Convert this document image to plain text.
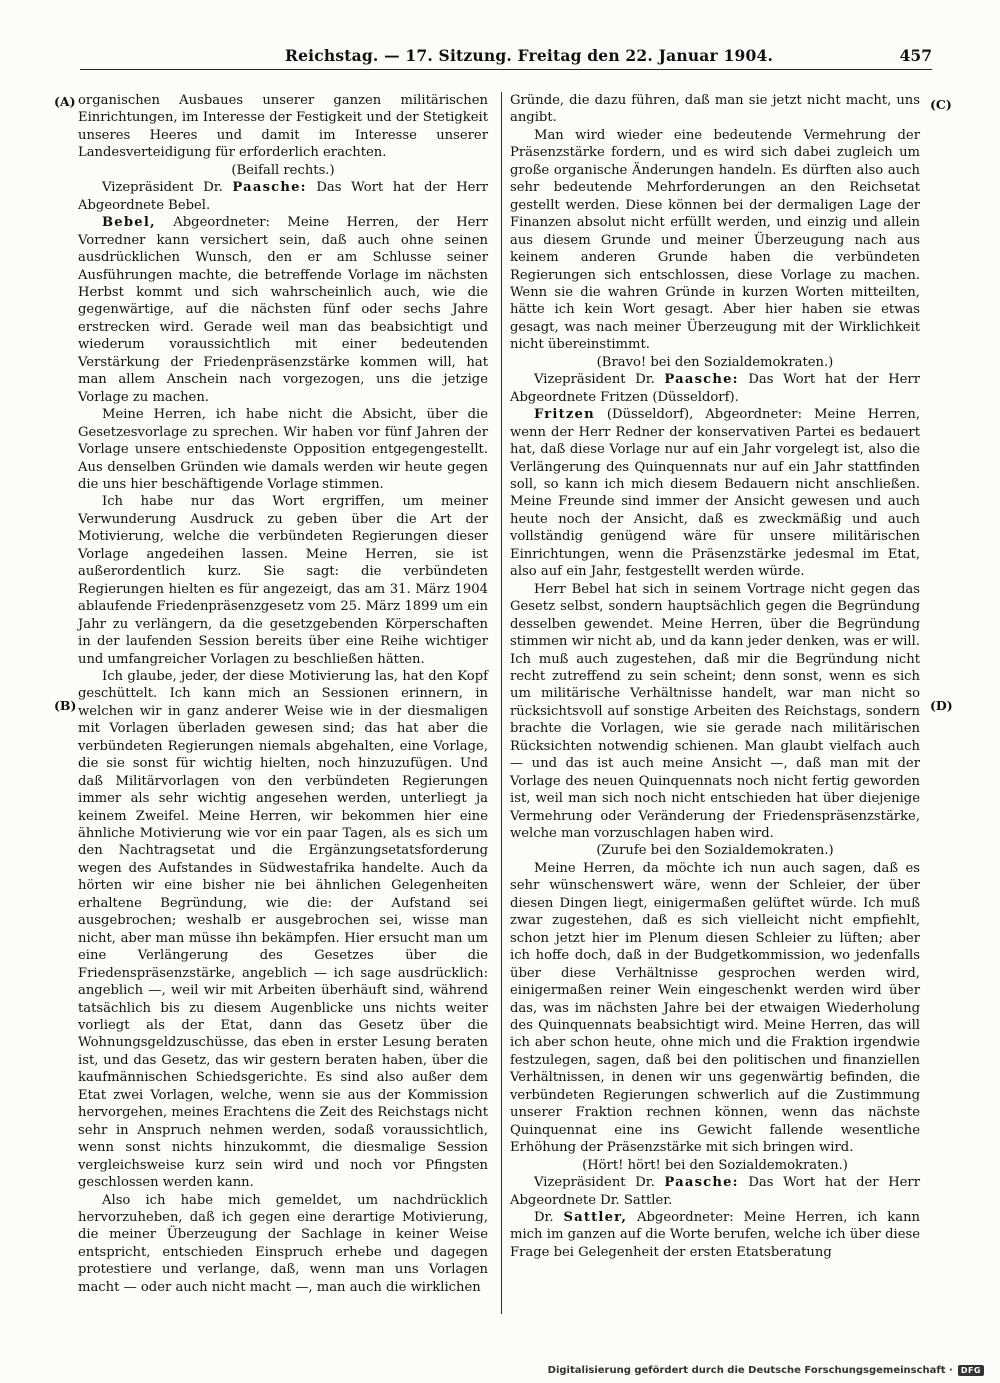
Reichstag. — 17. Sitzung. Freitag den 22. Januar 1904.	457
(A)
(B)
(C)
(D)

organischen Ausbaues unserer ganzen militärischen Einrichtungen, im Interesse der Festigkeit und der Stetigkeit unseres Heeres und damit im Interesse unserer Landesverteidigung für erforderlich erachten.

(Beifall rechts.)

Vizepräsident Dr. Paasche: Das Wort hat der Herr Abgeordnete Bebel.

Bebel, Abgeordneter: Meine Herren, der Herr Vorredner kann versichert sein, daß auch ohne seinen ausdrücklichen Wunsch, den er am Schlusse seiner Ausführungen machte, die betreffende Vorlage im nächsten Herbst kommt und sich wahrscheinlich auch, wie die gegenwärtige, auf die nächsten fünf oder sechs Jahre erstrecken wird. Gerade weil man das beabsichtigt und wiederum voraussichtlich mit einer bedeutenden Verstärkung der Friedenpräsenzstärke kommen will, hat man allem Anschein nach vorgezogen, uns die jetzige Vorlage zu machen.

Meine Herren, ich habe nicht die Absicht, über die Gesetzesvorlage zu sprechen. Wir haben vor fünf Jahren der Vorlage unsere entschiedenste Opposition entgegengestellt. Aus denselben Gründen wie damals werden wir heute gegen die uns hier beschäftigende Vorlage stimmen.

Ich habe nur das Wort ergriffen, um meiner Verwunderung Ausdruck zu geben über die Art der Motivierung, welche die verbündeten Regierungen dieser Vorlage angedeihen lassen. Meine Herren, sie ist außerordentlich kurz. Sie sagt: die verbündeten Regierungen hielten es für angezeigt, das am 31. März 1904 ablaufende Friedenpräsenzgesetz vom 25. März 1899 um ein Jahr zu verlängern, da die gesetzgebenden Körperschaften in der laufenden Session bereits über eine Reihe wichtiger und umfangreicher Vorlagen zu beschließen hätten.

Ich glaube, jeder, der diese Motivierung las, hat den Kopf geschüttelt. Ich kann mich an Sessionen erinnern, in welchen wir in ganz anderer Weise wie in der diesmaligen mit Vorlagen überladen gewesen sind; das hat aber die verbündeten Regierungen niemals abgehalten, eine Vorlage, die sie sonst für wichtig hielten, noch hinzuzufügen. Und daß Militärvorlagen von den verbündeten Regierungen immer als sehr wichtig angesehen werden, unterliegt ja keinem Zweifel. Meine Herren, wir bekommen hier eine ähnliche Motivierung wie vor ein paar Tagen, als es sich um den Nachtragsetat und die Ergänzungsetatsforderung wegen des Aufstandes in Südwestafrika handelte. Auch da hörten wir eine bisher nie bei ähnlichen Gelegenheiten erhaltene Begründung, wie die: der Aufstand sei ausgebrochen; weshalb er ausgebrochen sei, wisse man nicht, aber man müsse ihn bekämpfen. Hier ersucht man um eine Verlängerung des Gesetzes über die Friedenspräsenzstärke, angeblich — ich sage ausdrücklich: angeblich —, weil wir mit Arbeiten überhäuft sind, während tatsächlich bis zu diesem Augenblicke uns nichts weiter vorliegt als der Etat, dann das Gesetz über die Wohnungsgeldzuschüsse, das eben in erster Lesung beraten ist, und das Gesetz, das wir gestern beraten haben, über die kaufmännischen Schiedsgerichte. Es sind also außer dem Etat zwei Vorlagen, welche, wenn sie aus der Kommission hervorgehen, meines Erachtens die Zeit des Reichstags nicht sehr in Anspruch nehmen werden, sodaß voraussichtlich, wenn sonst nichts hinzukommt, die diesmalige Session vergleichsweise kurz sein wird und noch vor Pfingsten geschlossen werden kann.

Also ich habe mich gemeldet, um nachdrücklich hervorzuheben, daß ich gegen eine derartige Motivierung, die meiner Überzeugung der Sachlage in keiner Weise entspricht, entschieden Einspruch erhebe und dagegen protestiere und verlange, daß, wenn man uns Vorlagen macht — oder auch nicht macht —, man auch die wirklichen

Gründe, die dazu führen, daß man sie jetzt nicht macht, uns angibt.

Man wird wieder eine bedeutende Vermehrung der Präsenzstärke fordern, und es wird sich dabei zugleich um große organische Änderungen handeln. Es dürften also auch sehr bedeutende Mehrforderungen an den Reichsetat gestellt werden. Diese können bei der dermaligen Lage der Finanzen absolut nicht erfüllt werden, und einzig und allein aus diesem Grunde und meiner Überzeugung nach aus keinem anderen Grunde haben die verbündeten Regierungen sich entschlossen, diese Vorlage zu machen. Wenn sie die wahren Gründe in kurzen Worten mitteilten, hätte ich kein Wort gesagt. Aber hier haben sie etwas gesagt, was nach meiner Überzeugung mit der Wirklichkeit nicht übereinstimmt.

(Bravo! bei den Sozialdemokraten.)

Vizepräsident Dr. Paasche: Das Wort hat der Herr Abgeordnete Fritzen (Düsseldorf).

Fritzen (Düsseldorf), Abgeordneter: Meine Herren, wenn der Herr Redner der konservativen Partei es bedauert hat, daß diese Vorlage nur auf ein Jahr vorgelegt ist, also die Verlängerung des Quinquennats nur auf ein Jahr stattfinden soll, so kann ich mich diesem Bedauern nicht anschließen. Meine Freunde sind immer der Ansicht gewesen und auch heute noch der Ansicht, daß es zweckmäßig und auch vollständig genügend wäre für unsere militärischen Einrichtungen, wenn die Präsenzstärke jedesmal im Etat, also auf ein Jahr, festgestellt werden würde.

Herr Bebel hat sich in seinem Vortrage nicht gegen das Gesetz selbst, sondern hauptsächlich gegen die Begründung desselben gewendet. Meine Herren, über die Begründung stimmen wir nicht ab, und da kann jeder denken, was er will. Ich muß auch zugestehen, daß mir die Begründung nicht recht zutreffend zu sein scheint; denn sonst, wenn es sich um militärische Verhältnisse handelt, war man nicht so rücksichtsvoll auf sonstige Arbeiten des Reichstags, sondern brachte die Vorlagen, wie sie gerade nach militärischen Rücksichten notwendig schienen. Man glaubt vielfach auch — und das ist auch meine Ansicht —, daß man mit der Vorlage des neuen Quinquennats noch nicht fertig geworden ist, weil man sich noch nicht entschieden hat über diejenige Vermehrung oder Veränderung der Friedenspräsenzstärke, welche man vorzuschlagen haben wird.

(Zurufe bei den Sozialdemokraten.)

Meine Herren, da möchte ich nun auch sagen, daß es sehr wünschenswert wäre, wenn der Schleier, der über diesen Dingen liegt, einigermaßen gelüftet würde. Ich muß zwar zugestehen, daß es sich vielleicht nicht empfiehlt, schon jetzt hier im Plenum diesen Schleier zu lüften; aber ich hoffe doch, daß in der Budgetkommission, wo jedenfalls über diese Verhältnisse gesprochen werden wird, einigermaßen reiner Wein eingeschenkt werden wird über das, was im nächsten Jahre bei der etwaigen Wiederholung des Quinquennats beabsichtigt wird. Meine Herren, das will ich aber schon heute, ohne mich und die Fraktion irgendwie festzulegen, sagen, daß bei den politischen und finanziellen Verhältnissen, in denen wir uns gegenwärtig befinden, die verbündeten Regierungen schwerlich auf die Zustimmung unserer Fraktion rechnen können, wenn das nächste Quinquennat eine ins Gewicht fallende wesentliche Erhöhung der Präsenzstärke mit sich bringen wird.

(Hört! hört! bei den Sozialdemokraten.)

Vizepräsident Dr. Paasche: Das Wort hat der Herr Abgeordnete Dr. Sattler.

Dr. Sattler, Abgeordneter: Meine Herren, ich kann mich im ganzen auf die Worte berufen, welche ich über diese Frage bei Gelegenheit der ersten Etatsberatung

Digitalisierung gefördert durch die Deutsche Forschungsgemeinschaft ·	DFG
